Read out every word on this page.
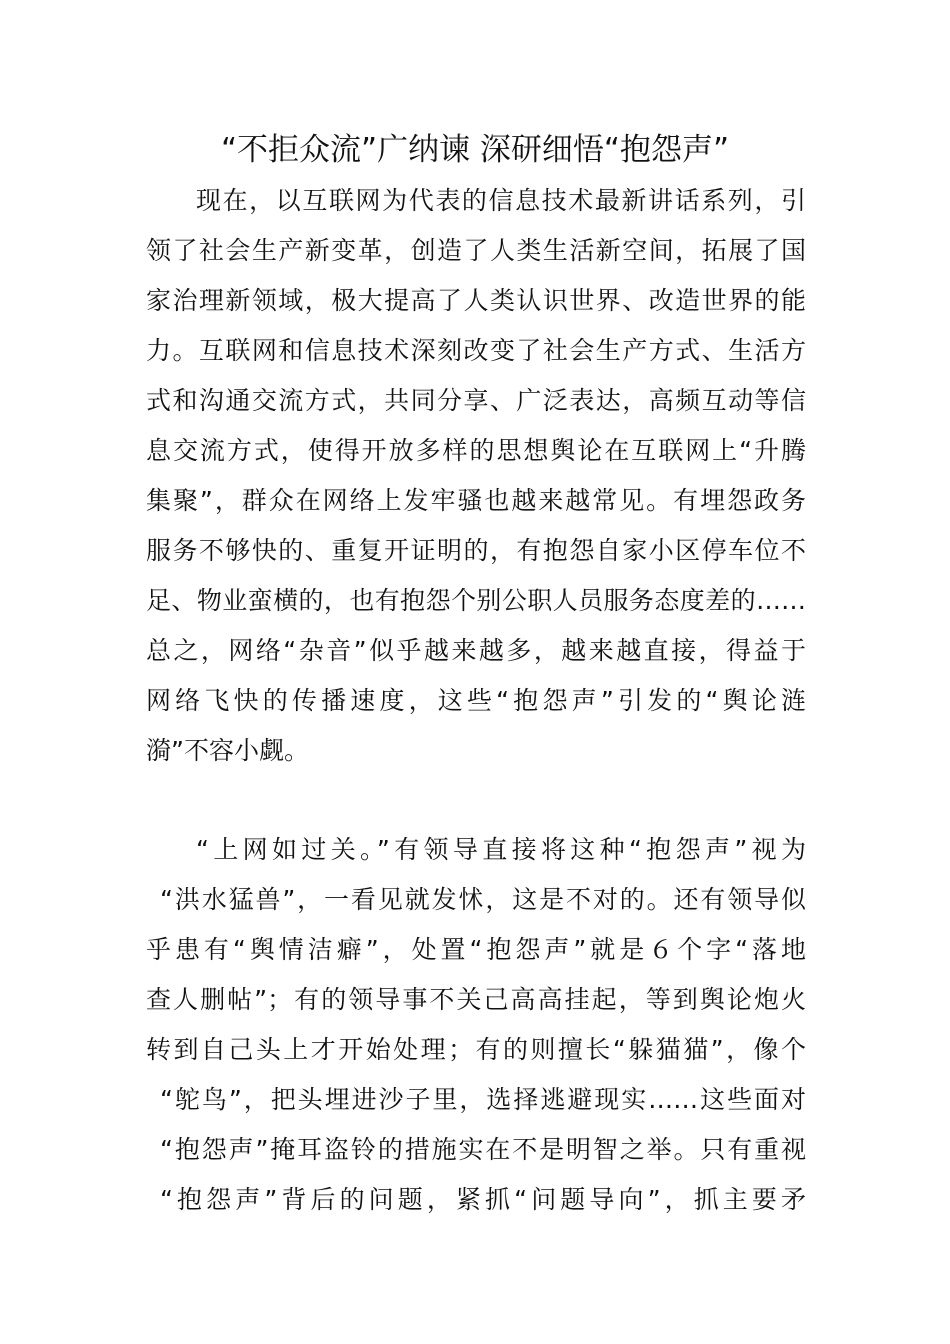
“不拒众流”广纳谏 深研细悟“抱怨声”
现在，以互联网为代表的信息技术最新讲话系列，引
领了社会生产新变革，创造了人类生活新空间，拓展了国
家治理新领域，极大提高了人类认识世界、改造世界的能
力。互联网和信息技术深刻改变了社会生产方式、生活方
式和沟通交流方式，共同分享、广泛表达，高频互动等信
息交流方式，使得开放多样的思想舆论在互联网上“升腾
集聚”，群众在网络上发牢骚也越来越常见。有埋怨政务
服务不够快的、重复开证明的，有抱怨自家小区停车位不
足、物业蛮横的，也有抱怨个别公职人员服务态度差的……
总之，网络“杂音”似乎越来越多，越来越直接，得益于
网络飞快的传播速度，这些“抱怨声”引发的“舆论涟
漪”不容小觑。
“上网如过关。”有领导直接将这种“抱怨声”视为
“洪水猛兽”，一看见就发怵，这是不对的。还有领导似
乎患有“舆情洁癖”，处置“抱怨声”就是６个字“落地
查人删帖”；有的领导事不关己高高挂起，等到舆论炮火
转到自己头上才开始处理；有的则擅长“躲猫猫”，像个
“鸵鸟”，把头埋进沙子里，选择逃避现实……这些面对
“抱怨声”掩耳盗铃的措施实在不是明智之举。只有重视
“抱怨声”背后的问题，紧抓“问题导向”，抓主要矛
